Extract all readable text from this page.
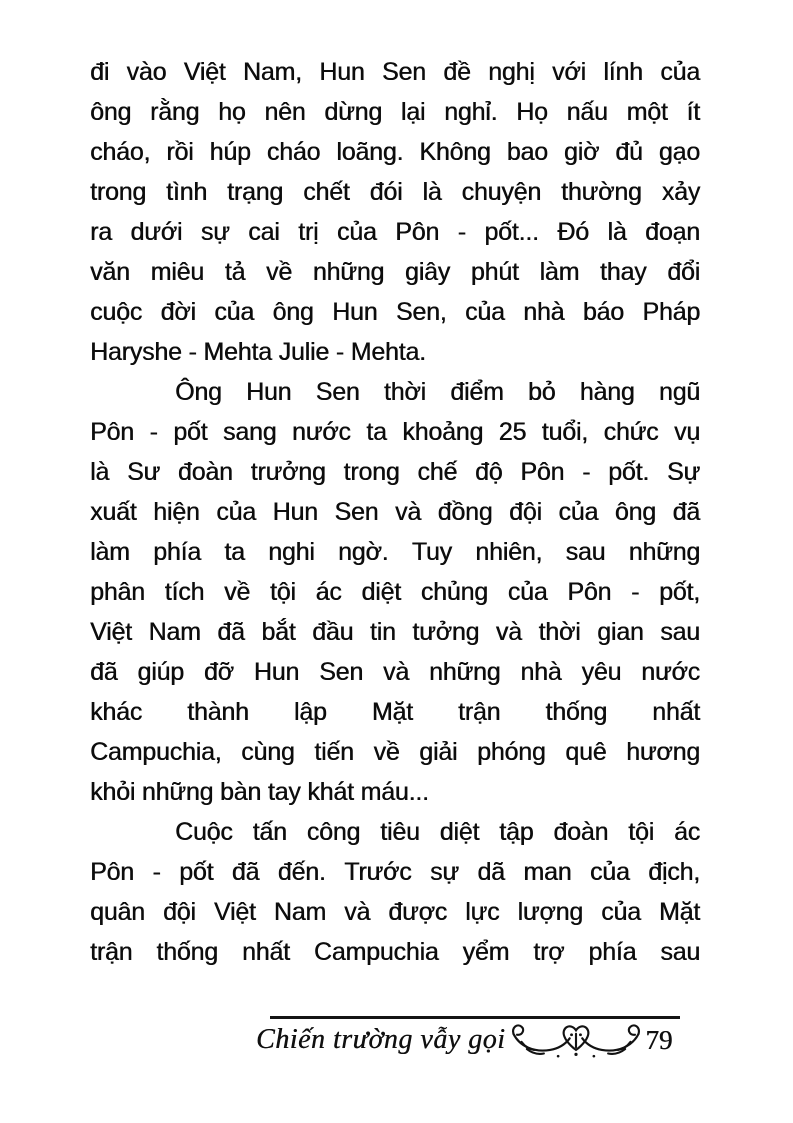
đi vào Việt Nam, Hun Sen đề nghị với lính của
ông rằng họ nên dừng lại nghỉ. Họ nấu một ít
cháo, rồi húp cháo loãng. Không bao giờ đủ gạo
trong tình trạng chết đói là chuyện thường xảy
ra dưới sự cai trị của Pôn - pốt... Đó là đoạn
văn miêu tả về những giây phút làm thay đổi
cuộc đời của ông Hun Sen, của nhà báo Pháp
Haryshe - Mehta Julie - Mehta.
Ông Hun Sen thời điểm bỏ hàng ngũ
Pôn - pốt sang nước ta khoảng 25 tuổi, chức vụ
là Sư đoàn trưởng trong chế độ Pôn - pốt. Sự
xuất hiện của Hun Sen và đồng đội của ông đã
làm phía ta nghi ngờ. Tuy nhiên, sau những
phân tích về tội ác diệt chủng của Pôn - pốt,
Việt Nam đã bắt đầu tin tưởng và thời gian sau
đã giúp đỡ Hun Sen và những nhà yêu nước
khác thành lập Mặt trận thống nhất
Campuchia, cùng tiến về giải phóng quê hương
khỏi những bàn tay khát máu...
Cuộc tấn công tiêu diệt tập đoàn tội ác
Pôn - pốt đã đến. Trước sự dã man của địch,
quân đội Việt Nam và được lực lượng của Mặt
trận thống nhất Campuchia yểm trợ phía sau
Chiến trường vẫy gọi	79
